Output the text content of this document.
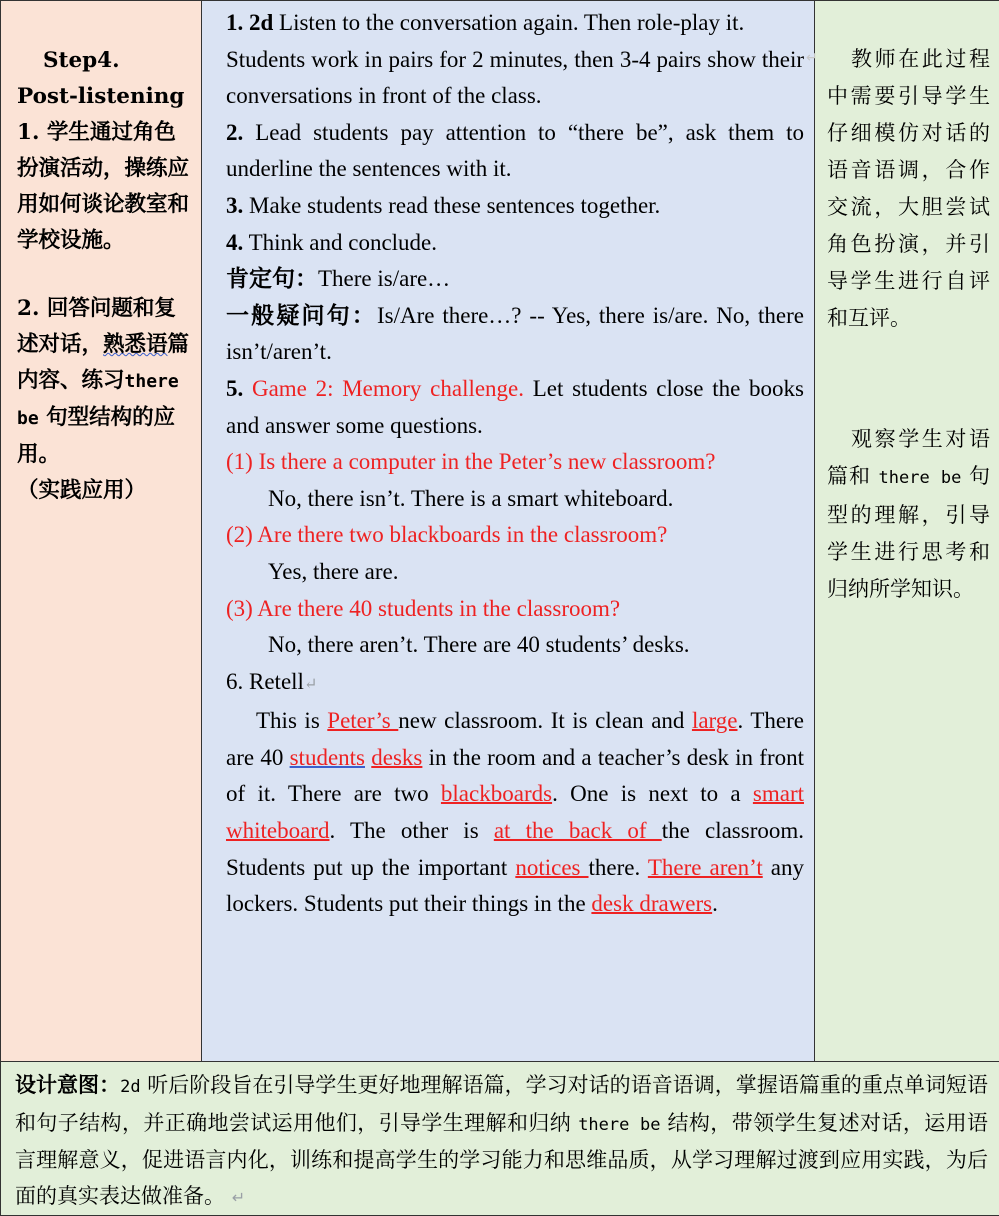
Step4.
Post-listening
1. 学生通过角色扮演活动，操练应用如何谈论教室和学校设施。
2. 回答问题和复述对话，熟悉语篇内容、练习there be 句型结构的应用。
（实践应用）

1. 2d Listen to the conversation again. Then role-play it.

Students work in pairs for 2 minutes, then 3-4 pairs show their conversations in front of the class.

2. Lead students pay attention to “there be”, ask them to underline the sentences with it.

3. Make students read these sentences together.

4. Think and conclude.

肯定句：There is/are…

一般疑问句：Is/Are there…? -- Yes, there is/are. No, there isn’t/aren’t.

5. Game 2: Memory challenge. Let students close the books and answer some questions.

(1) Is there a computer in the Peter’s new classroom?

No, there isn’t. There is a smart whiteboard.

(2) Are there two blackboards in the classroom?

Yes, there are.

(3) Are there 40 students in the classroom?

No, there aren’t. There are 40 students’ desks.

6. Retell↵

This is Peter’s new classroom. It is clean and large. There are 40 students desks in the room and a teacher’s desk in front of it. There are two blackboards. One is next to a smart whiteboard. The other is at the back of the classroom. Students put up the important notices there. There aren’t any lockers. Students put their things in the desk drawers.

教师在此过程中需要引导学生仔细模仿对话的语音语调，合作交流，大胆尝试角色扮演，并引导学生进行自评和互评。
观察学生对语篇和 there be 句型的理解，引导学生进行思考和归纳所学知识。

设计意图：2d 听后阶段旨在引导学生更好地理解语篇，学习对话的语音语调，掌握语篇重的重点单词短语和句子结构，并正确地尝试运用他们，引导学生理解和归纳 there be 结构，带领学生复述对话，运用语言理解意义，促进语言内化，训练和提高学生的学习能力和思维品质，从学习理解过渡到应用实践，为后面的真实表达做准备。 ↵
↵
